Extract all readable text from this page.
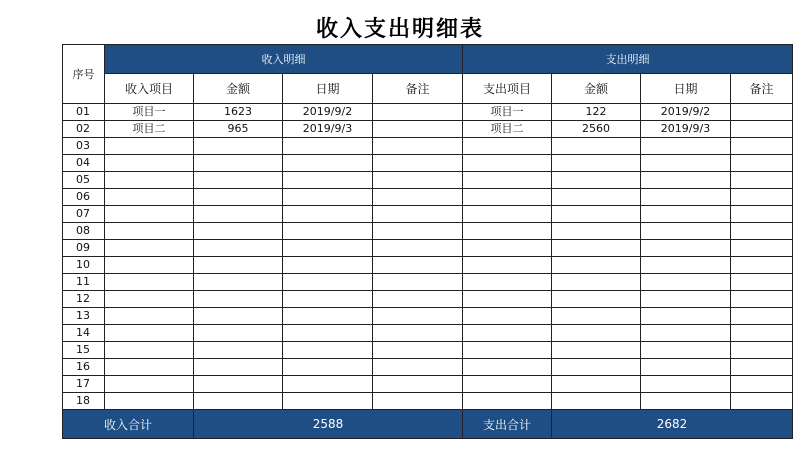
收入支出明细表
序号	收入明细				支出明细			
	收入项目	金额	日期	备注	支出项目	金额	日期	备注
01	项目一	1623	2019/9/2		项目一	122	2019/9/2	
02	项目二	965	2019/9/3		项目二	2560	2019/9/3	
03								
04								
05								
06								
07								
08								
09								
10								
11								
12								
13								
14								
15								
16								
17								
18								
收入合计		2588			支出合计	2682		
